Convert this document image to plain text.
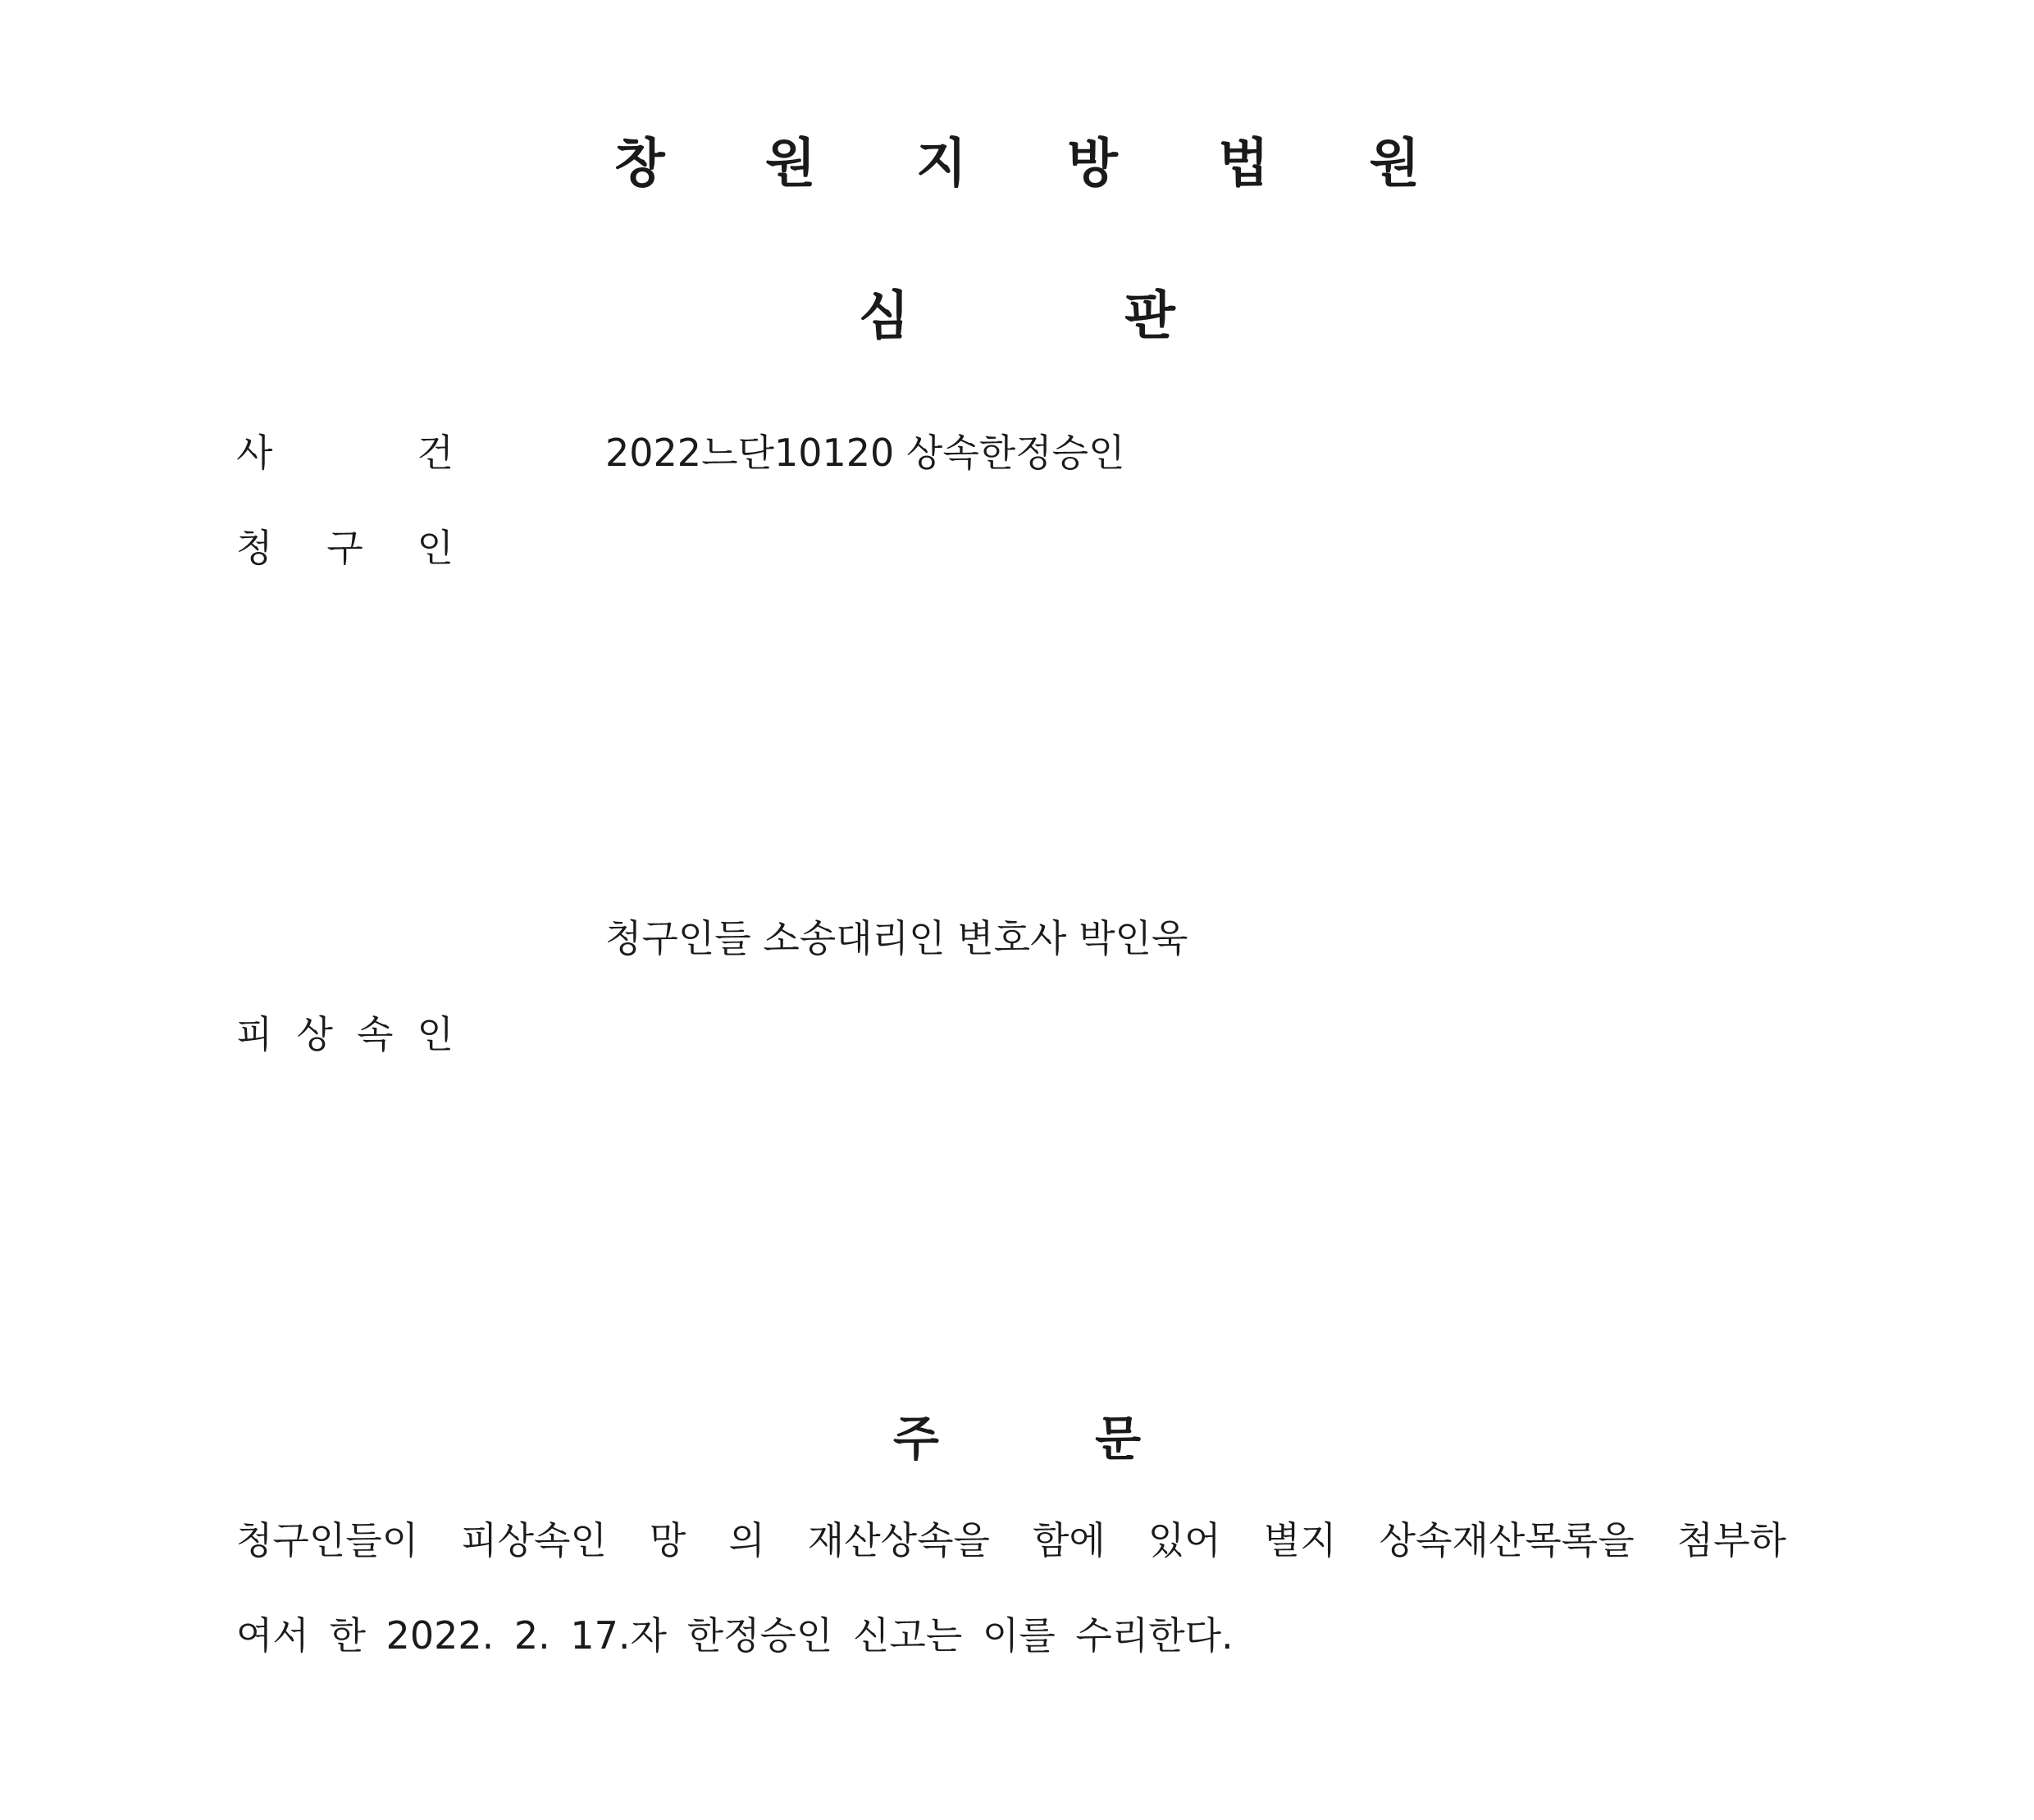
창 원 지 방 법 원
심 판
사 건	2022느단10120 상속한정승인
청 구 인
청구인들 소송대리인 변호사 박인욱
피 상 속 인
주 문
청구인들이 피상속인 망 의 재산상속을 함에 있어 별지 상속재산목록을 첨부하
여서 한 2022. 2. 17.자 한정승인 신고는 이를 수리한다.
